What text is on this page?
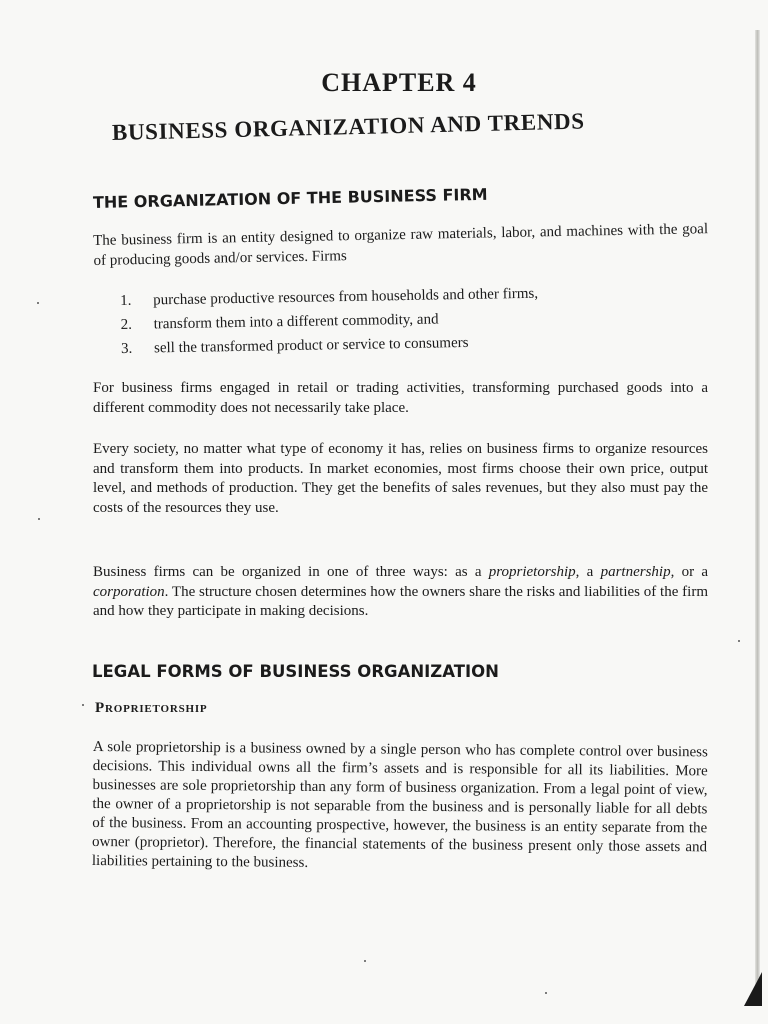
CHAPTER 4
BUSINESS ORGANIZATION AND TRENDS
THE ORGANIZATION OF THE BUSINESS FIRM
The business firm is an entity designed to organize raw materials, labor, and machines with the goal of producing goods and/or services. Firms
1. purchase productive resources from households and other firms,
2. transform them into a different commodity, and
3. sell the transformed product or service to consumers
For business firms engaged in retail or trading activities, transforming purchased goods into a different commodity does not necessarily take place.
Every society, no matter what type of economy it has, relies on business firms to organize resources and transform them into products. In market economies, most firms choose their own price, output level, and methods of production. They get the benefits of sales revenues, but they also must pay the costs of the resources they use.
Business firms can be organized in one of three ways: as a proprietorship, a partnership, or a corporation. The structure chosen determines how the owners share the risks and liabilities of the firm and how they participate in making decisions.
LEGAL FORMS OF BUSINESS ORGANIZATION
Proprietorship
A sole proprietorship is a business owned by a single person who has complete control over business decisions. This individual owns all the firm’s assets and is responsible for all its liabilities. More businesses are sole proprietorship than any form of business organization. From a legal point of view, the owner of a proprietorship is not separable from the business and is personally liable for all debts of the business. From an accounting prospective, however, the business is an entity separate from the owner (proprietor). Therefore, the financial statements of the business present only those assets and liabilities pertaining to the business.
